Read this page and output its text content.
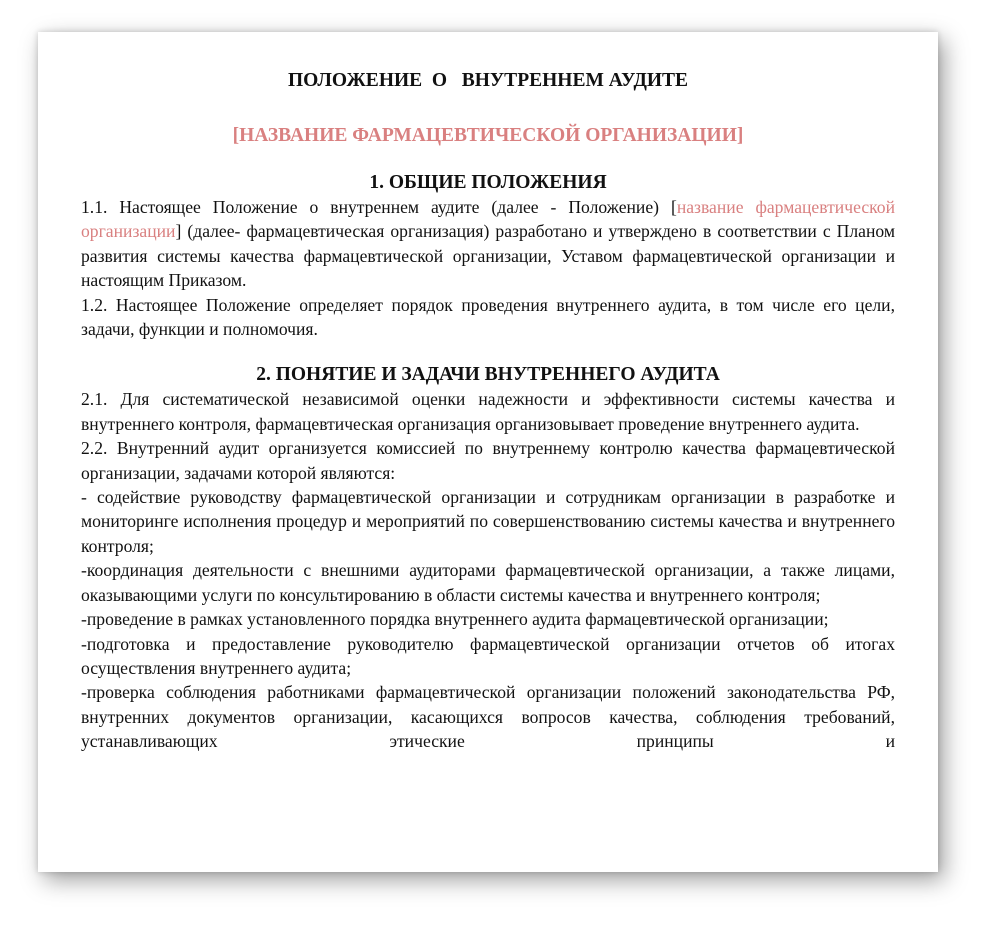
ПОЛОЖЕНИЕ  О   ВНУТРЕННЕМ АУДИТЕ

[НАЗВАНИЕ ФАРМАЦЕВТИЧЕСКОЙ ОРГАНИЗАЦИИ]

1. ОБЩИЕ ПОЛОЖЕНИЯ

1.1. Настоящее Положение о внутреннем аудите (далее - Положение) [название фармацевтической организации] (далее- фармацевтическая организация) разработано и утверждено в соответствии с Планом развития системы качества фармацевтической организации, Уставом фармацевтической организации и настоящим Приказом.

1.2. Настоящее Положение определяет порядок проведения внутреннего аудита, в том числе его цели, задачи, функции и полномочия.

2. ПОНЯТИЕ И ЗАДАЧИ ВНУТРЕННЕГО АУДИТА

2.1. Для систематической независимой оценки надежности и эффективности системы качества и внутреннего контроля, фармацевтическая организация организовывает проведение внутреннего аудита.

2.2. Внутренний аудит организуется комиссией по внутреннему контролю качества фармацевтической организации, задачами которой являются:

- содействие руководству фармацевтической организации и сотрудникам организации в разработке и мониторинге исполнения процедур и мероприятий по совершенствованию системы качества и внутреннего контроля;

-координация деятельности с внешними аудиторами фармацевтической организации, а также лицами, оказывающими услуги по консультированию в области системы качества и внутреннего контроля;

-проведение в рамках установленного порядка внутреннего аудита фармацевтической организации;

-подготовка и предоставление руководителю фармацевтической организации отчетов об итогах осуществления внутреннего аудита;

-проверка соблюдения работниками фармацевтической организации положений законодательства РФ, внутренних документов организации, касающихся вопросов качества, соблюдения требований, устанавливающих этические принципы и
